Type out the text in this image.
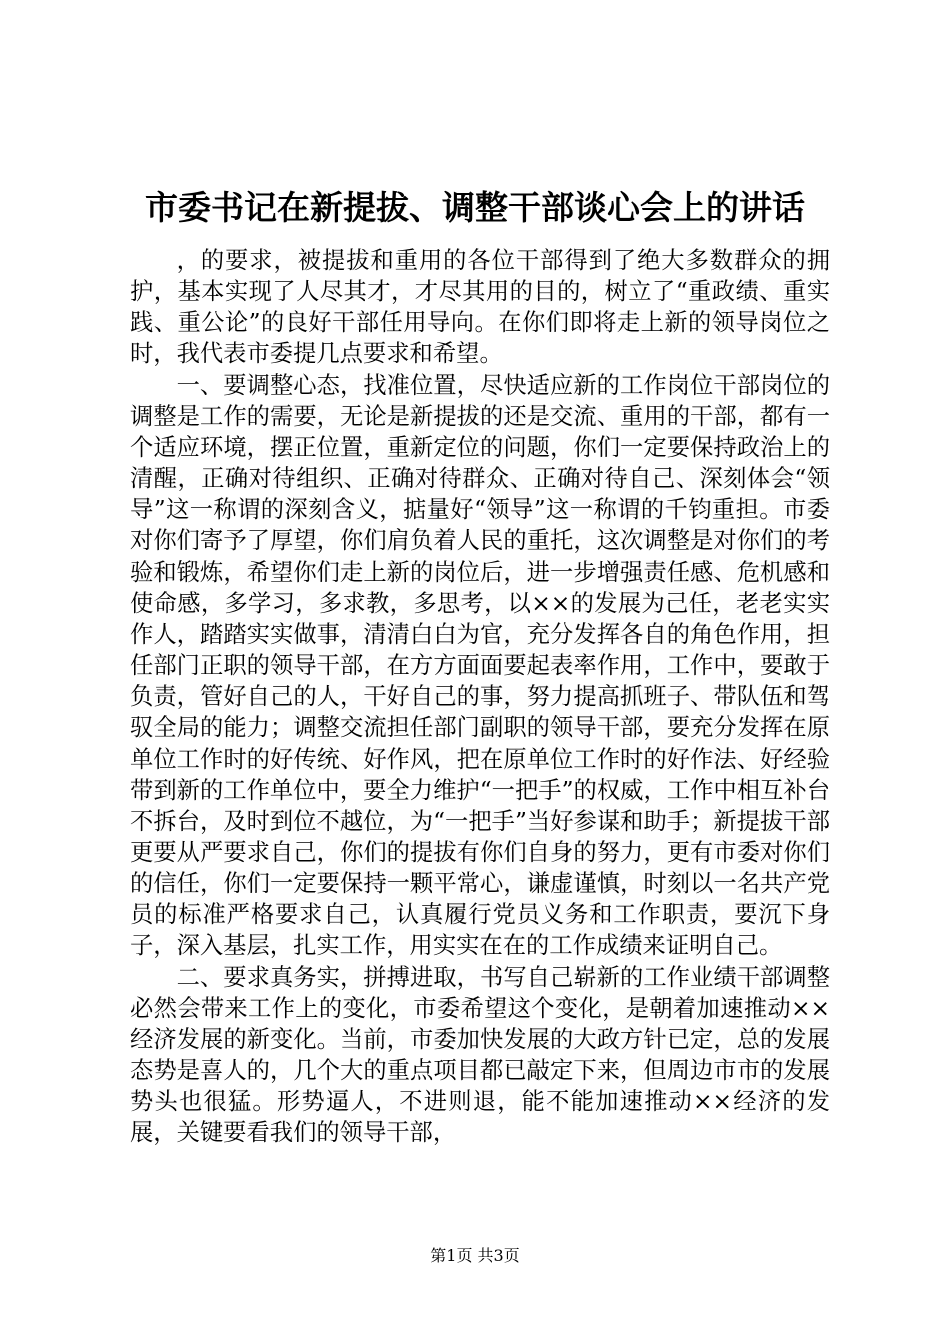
市委书记在新提拔、调整干部谈心会上的讲话

，的要求，被提拔和重用的各位干部得到了绝大多数群众的拥护，基本实现了人尽其才，才尽其用的目的，树立了“重政绩、重实践、重公论”的良好干部任用导向。在你们即将走上新的领导岗位之时，我代表市委提几点要求和希望。

一、要调整心态，找准位置，尽快适应新的工作岗位干部岗位的调整是工作的需要，无论是新提拔的还是交流、重用的干部，都有一个适应环境，摆正位置，重新定位的问题，你们一定要保持政治上的清醒，正确对待组织、正确对待群众、正确对待自己、深刻体会“领导”这一称谓的深刻含义，掂量好“领导”这一称谓的千钧重担。市委对你们寄予了厚望，你们肩负着人民的重托，这次调整是对你们的考验和锻炼，希望你们走上新的岗位后，进一步增强责任感、危机感和使命感，多学习，多求教，多思考，以××的发展为己任，老老实实作人，踏踏实实做事，清清白白为官，充分发挥各自的角色作用，担任部门正职的领导干部，在方方面面要起表率作用，工作中，要敢于负责，管好自己的人，干好自己的事，努力提高抓班子、带队伍和驾驭全局的能力；调整交流担任部门副职的领导干部，要充分发挥在原单位工作时的好传统、好作风，把在原单位工作时的好作法、好经验带到新的工作单位中，要全力维护“一把手”的权威，工作中相互补台不拆台，及时到位不越位，为“一把手”当好参谋和助手；新提拔干部更要从严要求自己，你们的提拔有你们自身的努力，更有市委对你们的信任，你们一定要保持一颗平常心，谦虚谨慎，时刻以一名共产党员的标准严格要求自己，认真履行党员义务和工作职责，要沉下身子，深入基层，扎实工作，用实实在在的工作成绩来证明自己。

二、要求真务实，拼搏进取，书写自己崭新的工作业绩干部调整必然会带来工作上的变化，市委希望这个变化，是朝着加速推动××经济发展的新变化。当前，市委加快发展的大政方针已定，总的发展态势是喜人的，几个大的重点项目都已敲定下来，但周边市市的发展势头也很猛。形势逼人，不进则退，能不能加速推动××经济的发展，关键要看我们的领导干部，

第1页 共3页
